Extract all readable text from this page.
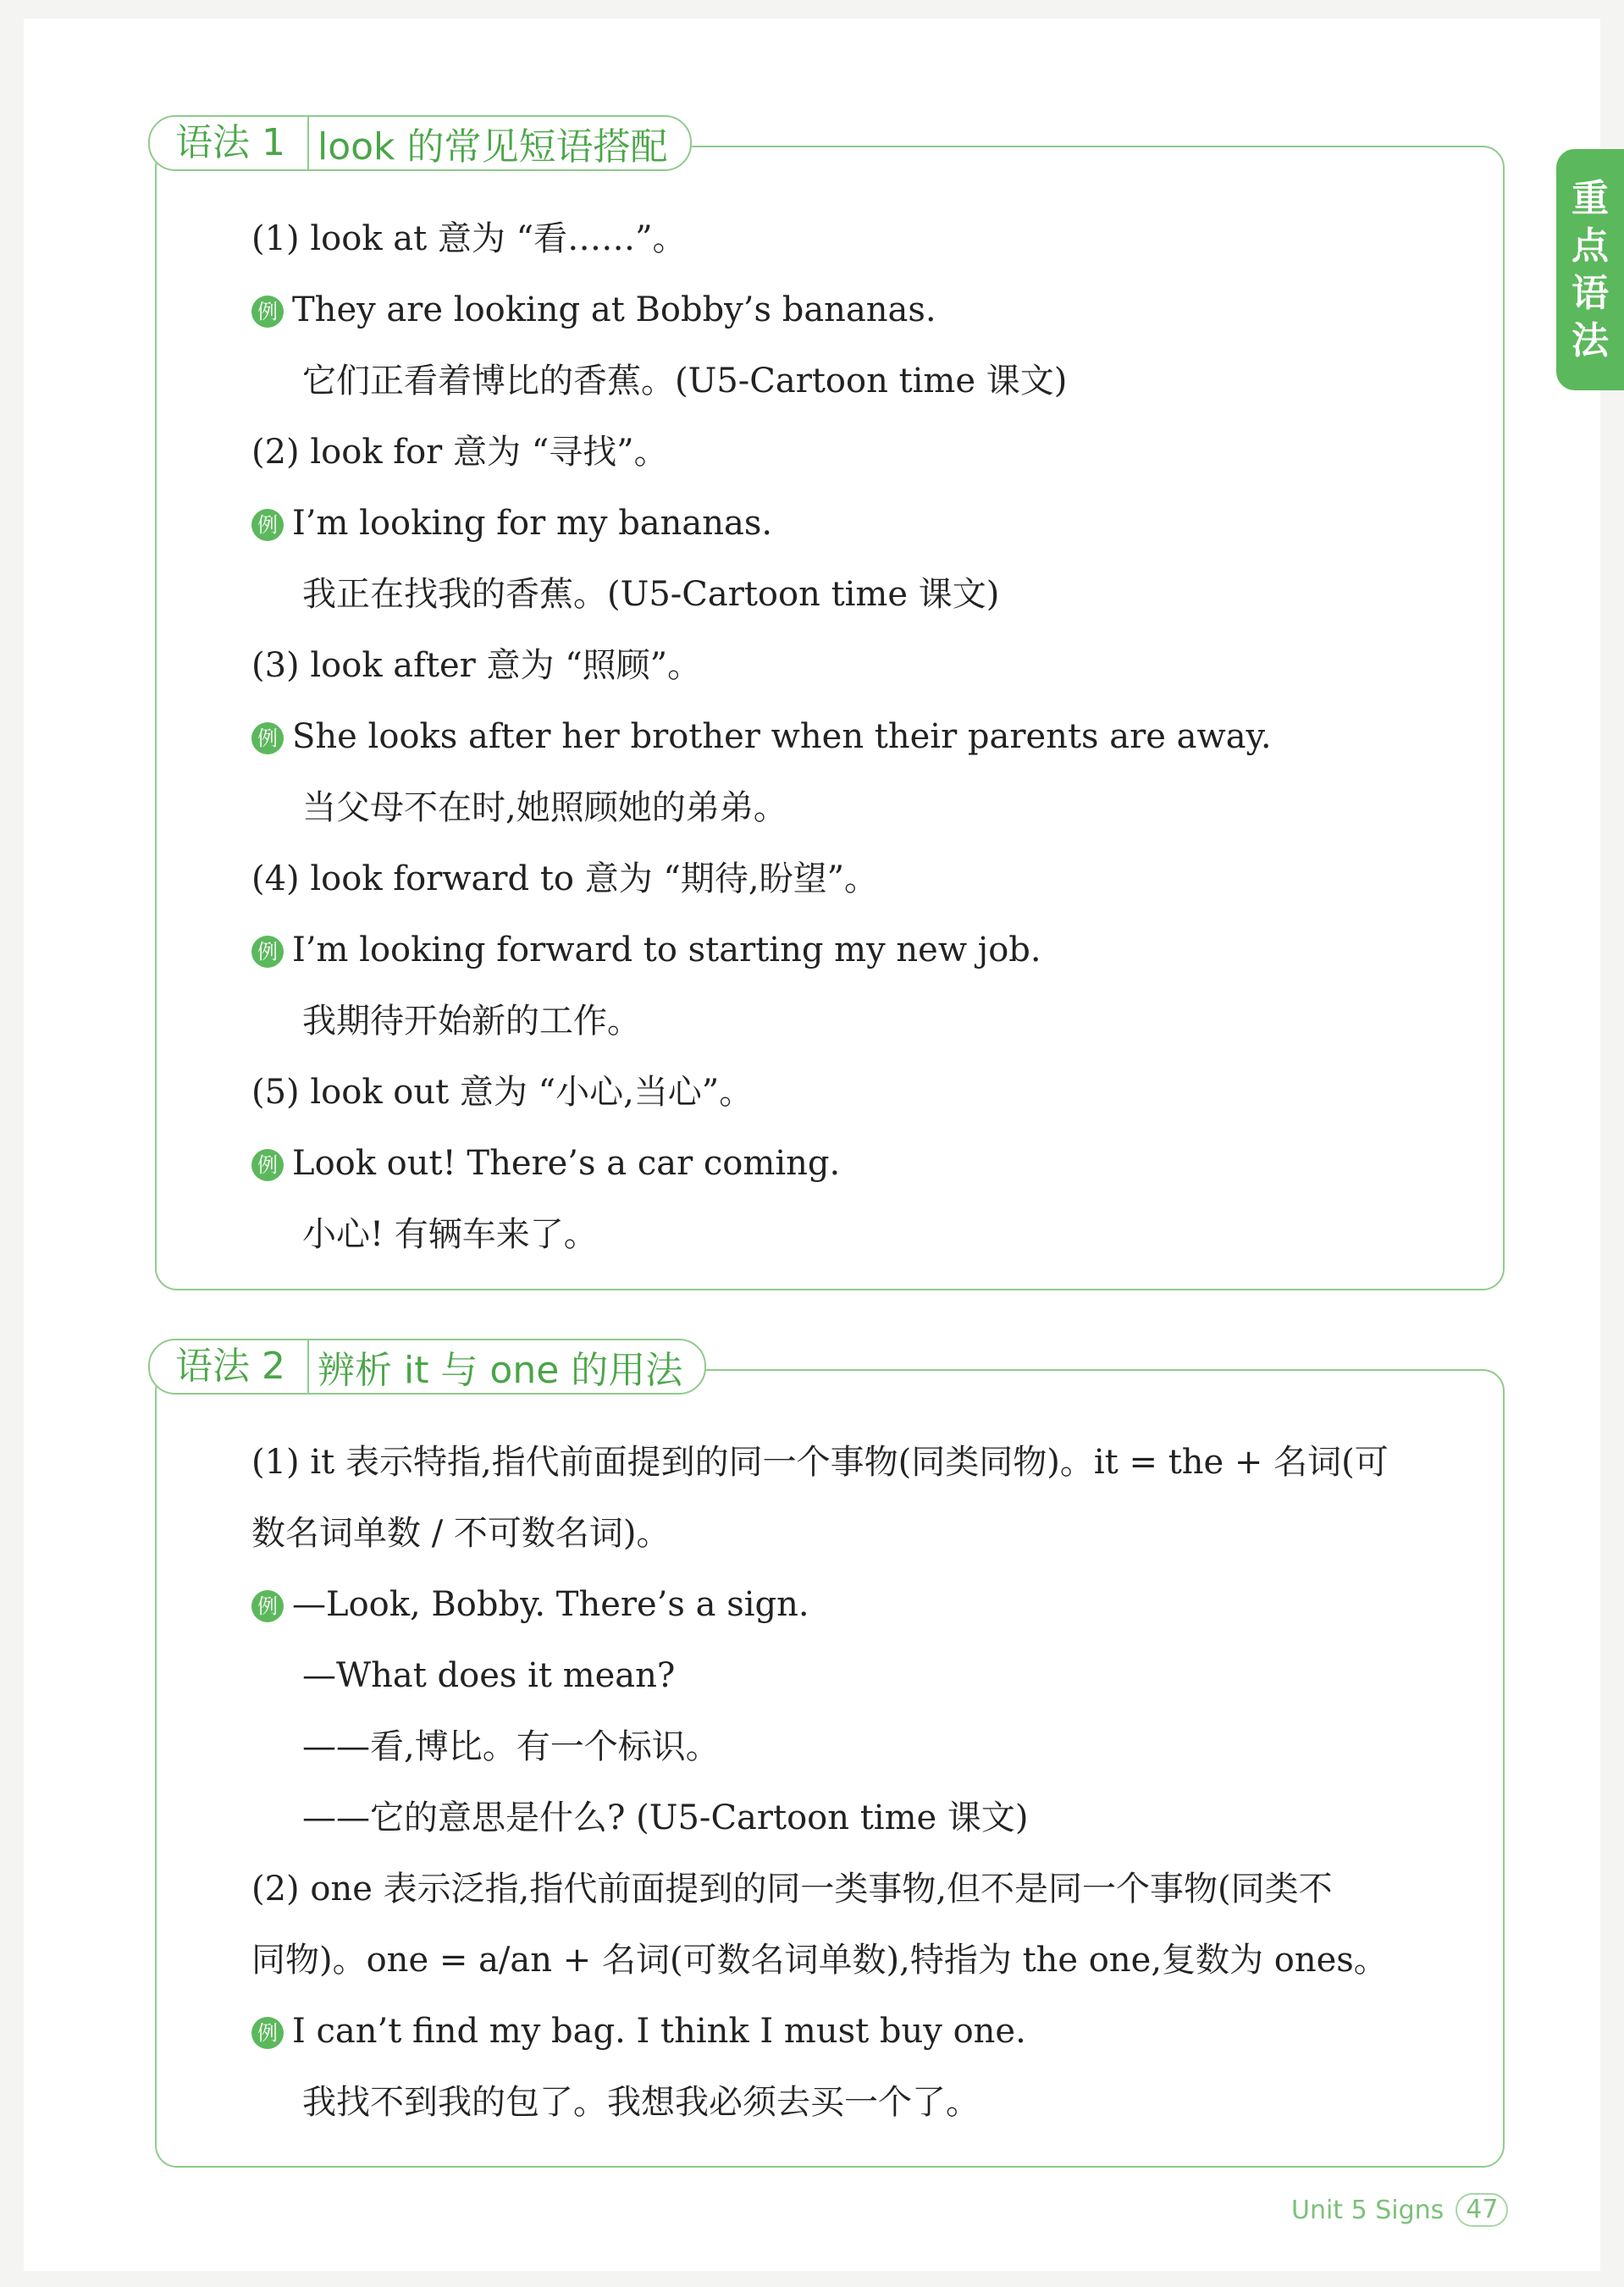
重
点
语
法
语法 1 look 的常见短语搭配
(1) look at 意为 “看……”。
例 They are looking at Bobby’s bananas.
它们正看着博比的香蕉。(U5-Cartoon time 课文)
(2) look for 意为 “寻找”。
例 I’m looking for my bananas.
我正在找我的香蕉。(U5-Cartoon time 课文)
(3) look after 意为 “照顾”。
例 She looks after her brother when their parents are away.
当父母不在时,她照顾她的弟弟。
(4) look forward to 意为 “期待,盼望”。
例 I’m looking forward to starting my new job.
我期待开始新的工作。
(5) look out 意为 “小心,当心”。
例 Look out! There’s a car coming.
小心! 有辆车来了。
语法 2 辨析 it 与 one 的用法
(1) it 表示特指,指代前面提到的同一个事物(同类同物)。it = the + 名词(可
数名词单数 / 不可数名词)。
例 —Look, Bobby. There’s a sign.
—What does it mean?
——看,博比。有一个标识。
——它的意思是什么? (U5-Cartoon time 课文)
(2) one 表示泛指,指代前面提到的同一类事物,但不是同一个事物(同类不
同物)。one = a/an + 名词(可数名词单数),特指为 the one,复数为 ones。
例 I can’t find my bag. I think I must buy one.
我找不到我的包了。我想我必须去买一个了。
Unit 5 Signs 47
